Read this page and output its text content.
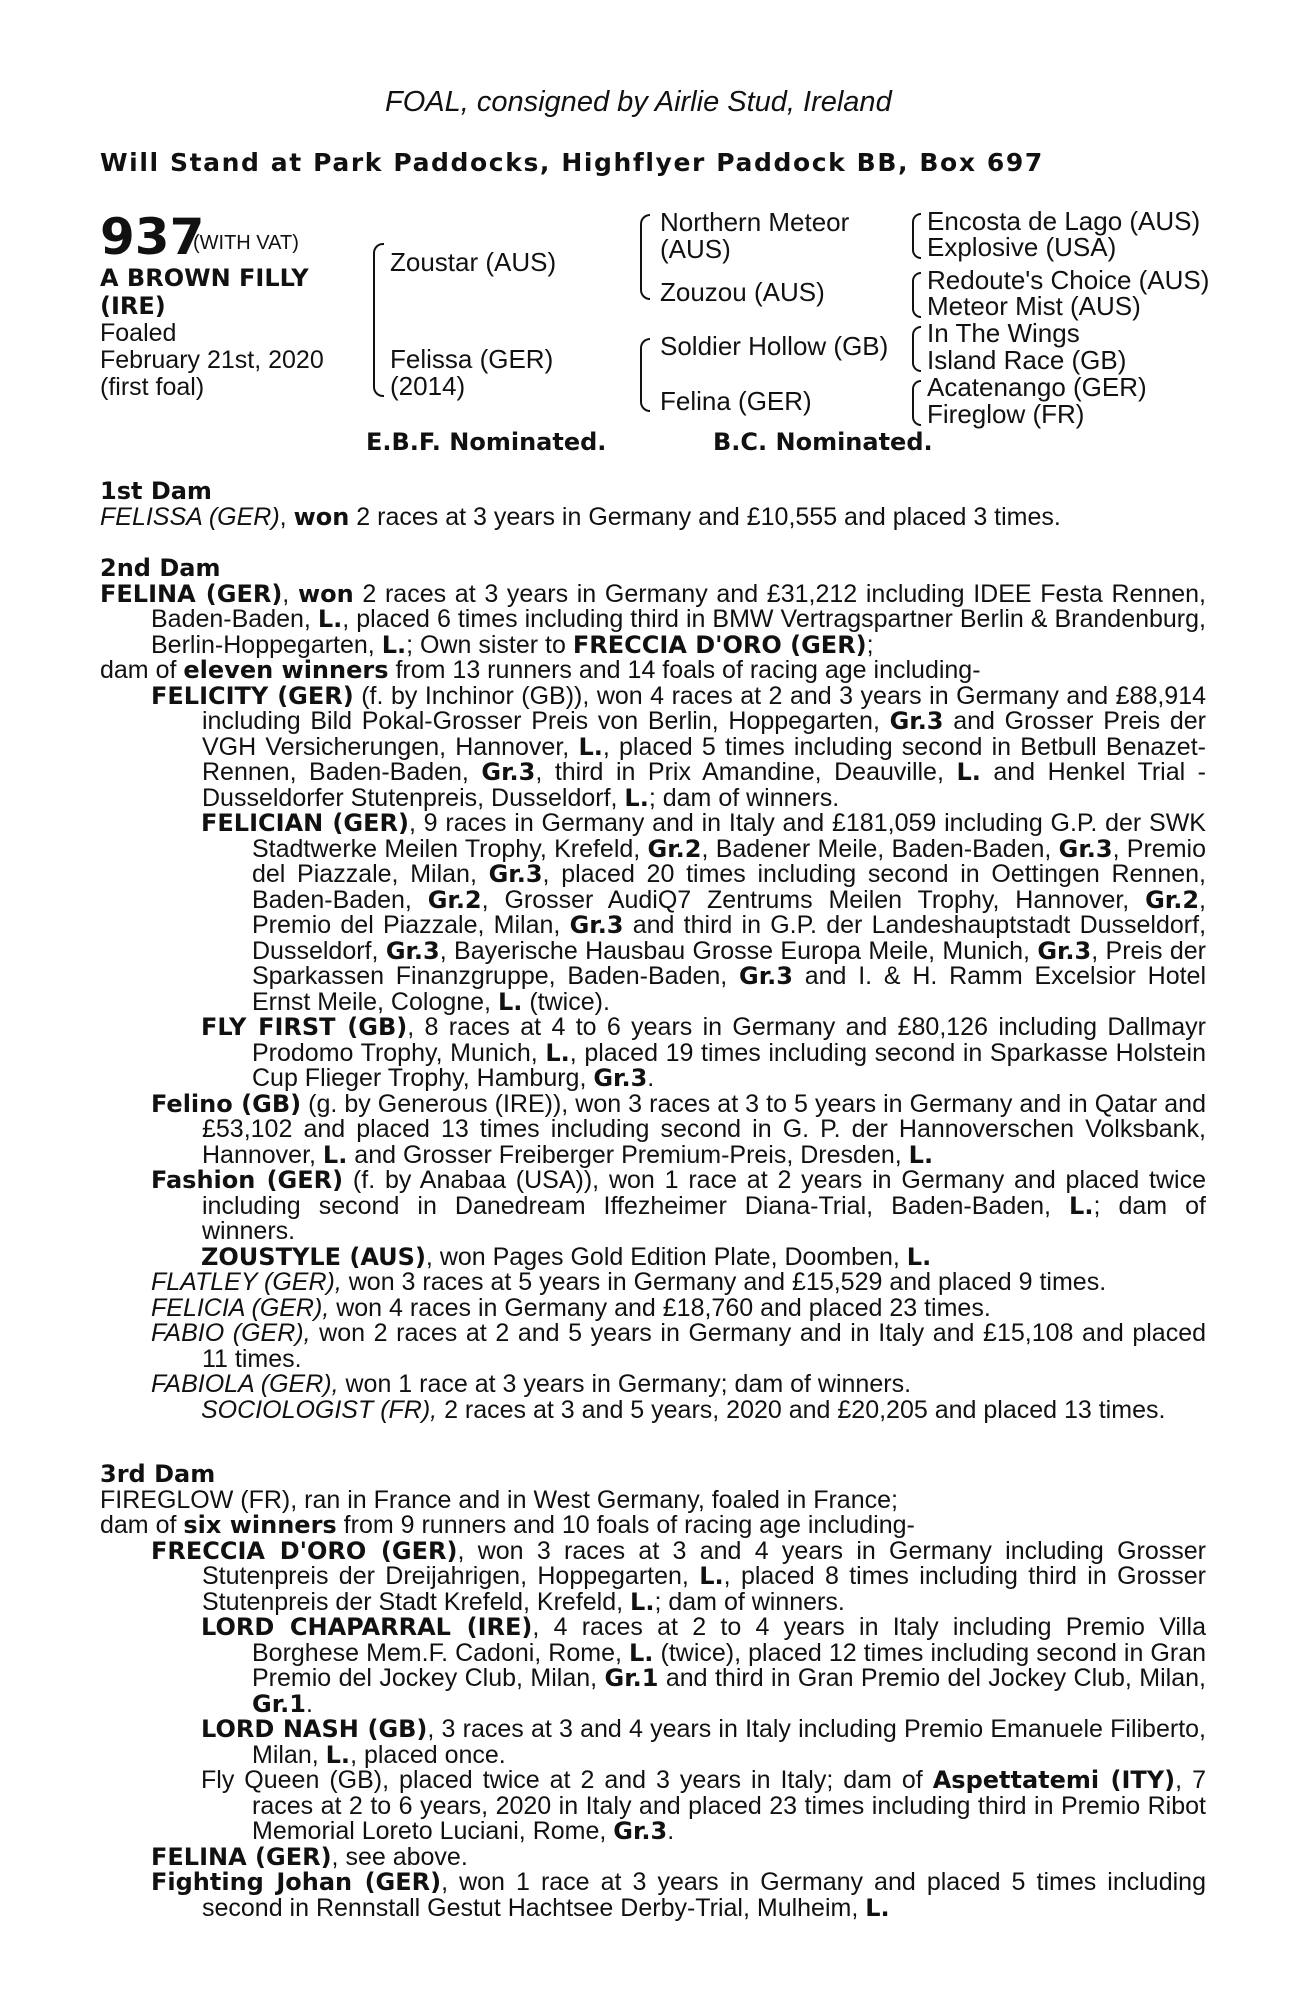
FOAL, consigned by Airlie Stud, Ireland
Will Stand at Park Paddocks, Highflyer Paddock BB, Box 697
937
(WITH VAT)
A BROWN FILLY
(IRE)
Foaled
February 21st, 2020
(first foal)
Zoustar (AUS)
Felissa (GER)
(2014)
Northern Meteor
(AUS)
Zouzou (AUS)
Soldier Hollow (GB)
Felina (GER)
Encosta de Lago (AUS)
Explosive (USA)
Redoute's Choice (AUS)
Meteor Mist (AUS)
In The Wings
Island Race (GB)
Acatenango (GER)
Fireglow (FR)
E.B.F. Nominated.	B.C. Nominated.

1st Dam

FELISSA (GER), won 2 races at 3 years in Germany and £10,555 and placed 3 times.

2nd Dam

FELINA (GER), won 2 races at 3 years in Germany and £31,212 including IDEE Festa Rennen, Baden-Baden, L., placed 6 times including third in BMW Vertragspartner Berlin & Brandenburg, Berlin-Hoppegarten, L.; Own sister to FRECCIA D'ORO (GER);

dam of eleven winners from 13 runners and 14 foals of racing age including-

FELICITY (GER) (f. by Inchinor (GB)), won 4 races at 2 and 3 years in Germany and £88,914 including Bild Pokal-Grosser Preis von Berlin, Hoppegarten, Gr.3 and Grosser Preis der VGH Versicherungen, Hannover, L., placed 5 times including second in Betbull Benazet-Rennen, Baden-Baden, Gr.3, third in Prix Amandine, Deauville, L. and Henkel Trial - Dusseldorfer Stutenpreis, Dusseldorf, L.; dam of winners.

FELICIAN (GER), 9 races in Germany and in Italy and £181,059 including G.P. der SWK Stadtwerke Meilen Trophy, Krefeld, Gr.2, Badener Meile, Baden-Baden, Gr.3, Premio del Piazzale, Milan, Gr.3, placed 20 times including second in Oettingen Rennen, Baden-Baden, Gr.2, Grosser AudiQ7 Zentrums Meilen Trophy, Hannover, Gr.2, Premio del Piazzale, Milan, Gr.3 and third in G.P. der Landeshauptstadt Dusseldorf, Dusseldorf, Gr.3, Bayerische Hausbau Grosse Europa Meile, Munich, Gr.3, Preis der Sparkassen Finanzgruppe, Baden-Baden, Gr.3 and I. & H. Ramm Excelsior Hotel Ernst Meile, Cologne, L. (twice).

FLY FIRST (GB), 8 races at 4 to 6 years in Germany and £80,126 including Dallmayr Prodomo Trophy, Munich, L., placed 19 times including second in Sparkasse Holstein Cup Flieger Trophy, Hamburg, Gr.3.

Felino (GB) (g. by Generous (IRE)), won 3 races at 3 to 5 years in Germany and in Qatar and £53,102 and placed 13 times including second in G. P. der Hannoverschen Volksbank, Hannover, L. and Grosser Freiberger Premium-Preis, Dresden, L.

Fashion (GER) (f. by Anabaa (USA)), won 1 race at 2 years in Germany and placed twice including second in Danedream Iffezheimer Diana-Trial, Baden-Baden, L.; dam of winners.

ZOUSTYLE (AUS), won Pages Gold Edition Plate, Doomben, L.

FLATLEY (GER), won 3 races at 5 years in Germany and £15,529 and placed 9 times.

FELICIA (GER), won 4 races in Germany and £18,760 and placed 23 times.

FABIO (GER), won 2 races at 2 and 5 years in Germany and in Italy and £15,108 and placed 11 times.

FABIOLA (GER), won 1 race at 3 years in Germany; dam of winners.

SOCIOLOGIST (FR), 2 races at 3 and 5 years, 2020 and £20,205 and placed 13 times.

3rd Dam

FIREGLOW (FR), ran in France and in West Germany, foaled in France;

dam of six winners from 9 runners and 10 foals of racing age including-

FRECCIA D'ORO (GER), won 3 races at 3 and 4 years in Germany including Grosser Stutenpreis der Dreijahrigen, Hoppegarten, L., placed 8 times including third in Grosser Stutenpreis der Stadt Krefeld, Krefeld, L.; dam of winners.

LORD CHAPARRAL (IRE), 4 races at 2 to 4 years in Italy including Premio Villa Borghese Mem.F. Cadoni, Rome, L. (twice), placed 12 times including second in Gran Premio del Jockey Club, Milan, Gr.1 and third in Gran Premio del Jockey Club, Milan, Gr.1.

LORD NASH (GB), 3 races at 3 and 4 years in Italy including Premio Emanuele Filiberto, Milan, L., placed once.

Fly Queen (GB), placed twice at 2 and 3 years in Italy; dam of Aspettatemi (ITY), 7 races at 2 to 6 years, 2020 in Italy and placed 23 times including third in Premio Ribot Memorial Loreto Luciani, Rome, Gr.3.

FELINA (GER), see above.

Fighting Johan (GER), won 1 race at 3 years in Germany and placed 5 times including second in Rennstall Gestut Hachtsee Derby-Trial, Mulheim, L.
